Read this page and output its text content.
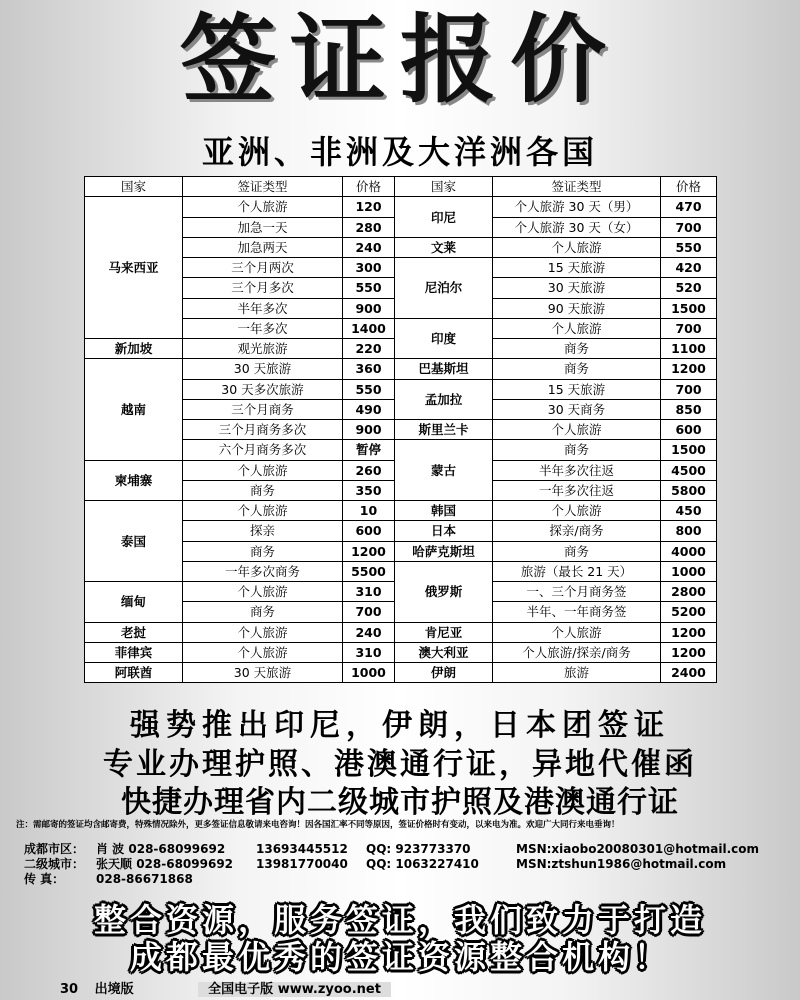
签证报价
亚洲、非洲及大洋洲各国
国家	签证类型	价格	国家	签证类型	价格
马来西亚	个人旅游	120	印尼	个人旅游 30 天（男）	470
	加急一天	280		个人旅游 30 天（女）	700
	加急两天	240	文莱	个人旅游	550
	三个月两次	300	尼泊尔	15 天旅游	420
	三个月多次	550		30 天旅游	520
	半年多次	900		90 天旅游	1500
	一年多次	1400	印度	个人旅游	700
新加坡	观光旅游	220		商务	1100
越南	30 天旅游	360	巴基斯坦	商务	1200
	30 天多次旅游	550	孟加拉	15 天旅游	700
	三个月商务	490		30 天商务	850
	三个月商务多次	900	斯里兰卡	个人旅游	600
	六个月商务多次	暂停	蒙古	商务	1500
柬埔寨	个人旅游	260		半年多次往返	4500
	商务	350		一年多次往返	5800
泰国	个人旅游	10	韩国	个人旅游	450
	探亲	600	日本	探亲/商务	800
	商务	1200	哈萨克斯坦	商务	4000
	一年多次商务	5500	俄罗斯	旅游（最长 21 天）	1000
缅甸	个人旅游	310		一、三个月商务签	2800
	商务	700		半年、一年商务签	5200
老挝	个人旅游	240	肯尼亚	个人旅游	1200
菲律宾	个人旅游	310	澳大利亚	个人旅游/探亲/商务	1200
阿联酋	30 天旅游	1000	伊朗	旅游	2400
强势推出印尼，伊朗，日本团签证
专业办理护照、港澳通行证，异地代催函
快捷办理省内二级城市护照及港澳通行证
注：需邮寄的签证均含邮寄费，特殊情况除外，更多签证信息敬请来电咨询！因各国汇率不同等原因，签证价格时有变动，以来电为准。欢迎广大同行来电垂询！
成都市区： 肖 波 028-68099692	13693445512	QQ: 923773370	MSN:xiaobo20080301@hotmail.com
二级城市： 张天顺 028-68099692	13981770040	QQ: 1063227410	MSN:ztshun1986@hotmail.com
传 真：	028-86671868
整合资源，服务签证，我们致力于打造
成都最优秀的签证资源整合机构！
30 出境版	全国电子版 www.zyoo.net
